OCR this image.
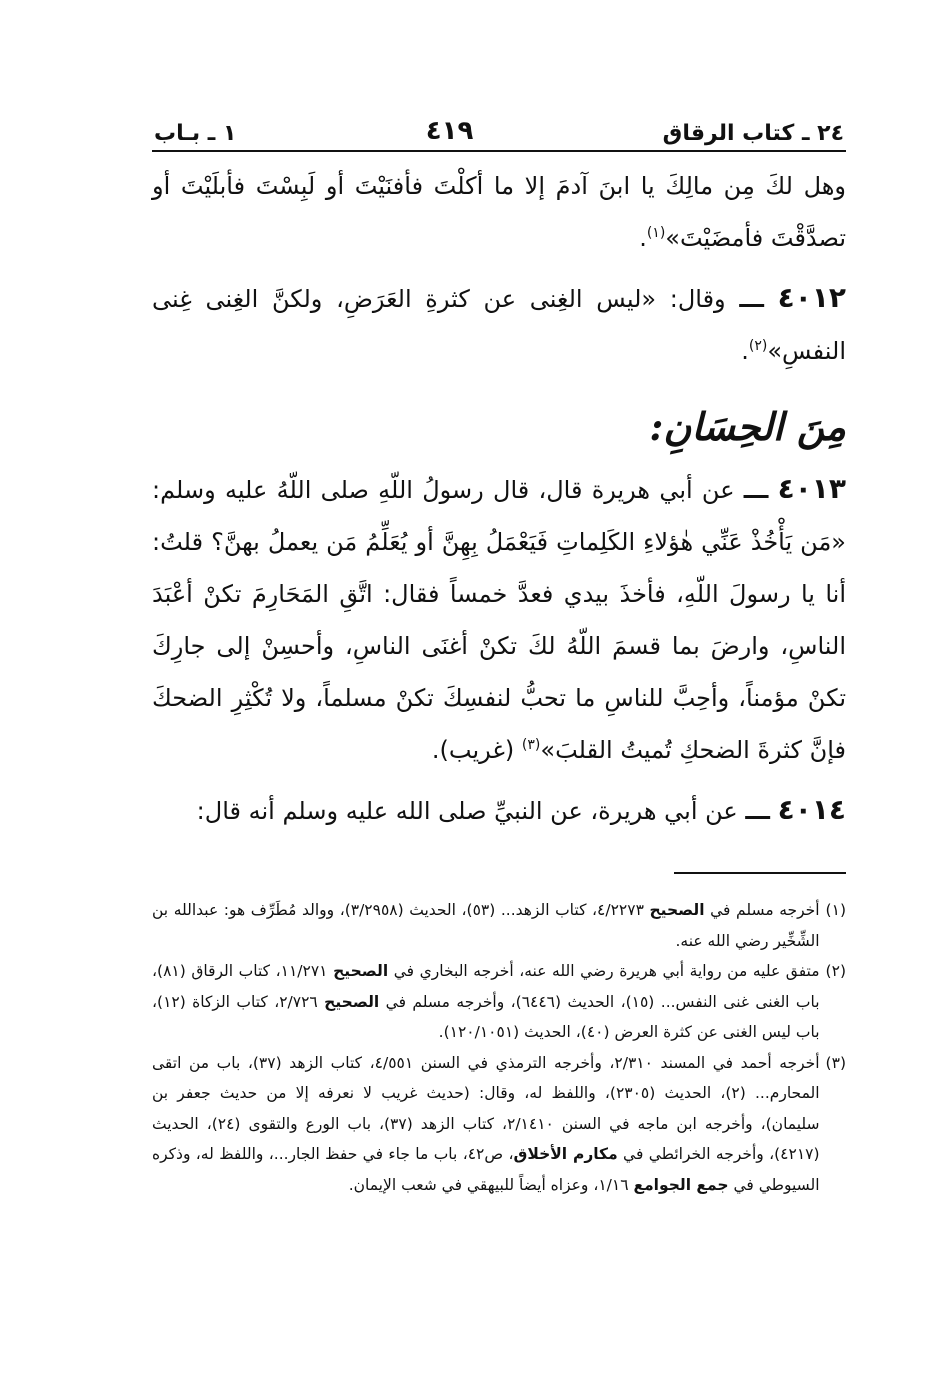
٢٤ ـ كتاب الرقاق
٤١٩
١ ـ بـاب

وهل لكَ مِن مالِكَ يا ابنَ آدمَ إلا ما أكلْتَ فأفنَيْتَ أو لَبِسْتَ فأبلَيْتَ أو تصدَّقْتَ فأمضَيْتَ»$^{(١)}$.

٤٠١٢ ـــ وقال: «ليس الغِنى عن كثرةِ العَرَضِ، ولكنَّ الغِنى غِنى النفسِ»$^{(٢)}$.

مِنَ الحِسَانِ:

٤٠١٣ ـــ عن أبي هريرة قال، قال رسولُ اللّهِ صلى اللّهُ عليه وسلم: «مَن يَأْخُذْ عَنِّي هٰؤلاءِ الكَلِماتِ فَيَعْمَلُ بِهِنَّ أو يُعَلِّمُ مَن يعملُ بهنَّ؟ قلتُ: أنا يا رسولَ اللّهِ، فأخذَ بيدي فعدَّ خمساً فقال: اتَّقِ المَحَارِمَ تكنْ أعْبَدَ الناسِ، وارضَ بما قسمَ اللّهُ لكَ تكنْ أغنَى الناسِ، وأحسِنْ إلى جارِكَ تكنْ مؤمناً، وأحِبَّ للناسِ ما تحبُّ لنفسِكَ تكنْ مسلماً، ولا تُكْثِرِ الضحكَ فإنَّ كثرةَ الضحكِ تُميتُ القلبَ»$^{(٣)}$ (غريب).

٤٠١٤ ـــ عن أبي هريرة، عن النبيِّ صلى الله عليه وسلم أنه قال:

(١)
أخرجه مسلم في الصحيح ٤/٢٢٧٣، كتاب الزهد... (٥٣)، الحديث (٣/٢٩٥٨)، ووالد مُطَرِّف هو: عبدالله بن الشِّخِّير رضي الله عنه.

(٢)
متفق عليه من رواية أبي هريرة رضي الله عنه، أخرجه البخاري في الصحيح ١١/٢٧١، كتاب الرقاق (٨١)، باب الغنى غنى النفس... (١٥)، الحديث (٦٤٤٦)، وأخرجه مسلم في الصحيح ٢/٧٢٦، كتاب الزكاة (١٢)، باب ليس الغنى عن كثرة العرض (٤٠)، الحديث (١٢٠/١٠٥١).

(٣)
أخرجه أحمد في المسند ٢/٣١٠، وأخرجه الترمذي في السنن ٤/٥٥١، كتاب الزهد (٣٧)، باب من اتقى المحارم... (٢)، الحديث (٢٣٠٥)، واللفظ له، وقال: (حديث غريب لا نعرفه إلا من حديث جعفر بن سليمان)، وأخرجه ابن ماجه في السنن ٢/١٤١٠، كتاب الزهد (٣٧)، باب الورع والتقوى (٢٤)، الحديث (٤٢١٧)، وأخرجه الخرائطي في مكارم الأخلاق، ص٤٢، باب ما جاء في حفظ الجار...، واللفظ له، وذكره السيوطي في جمع الجوامع ١/١٦، وعزاه أيضاً للبيهقي في شعب الإيمان.
